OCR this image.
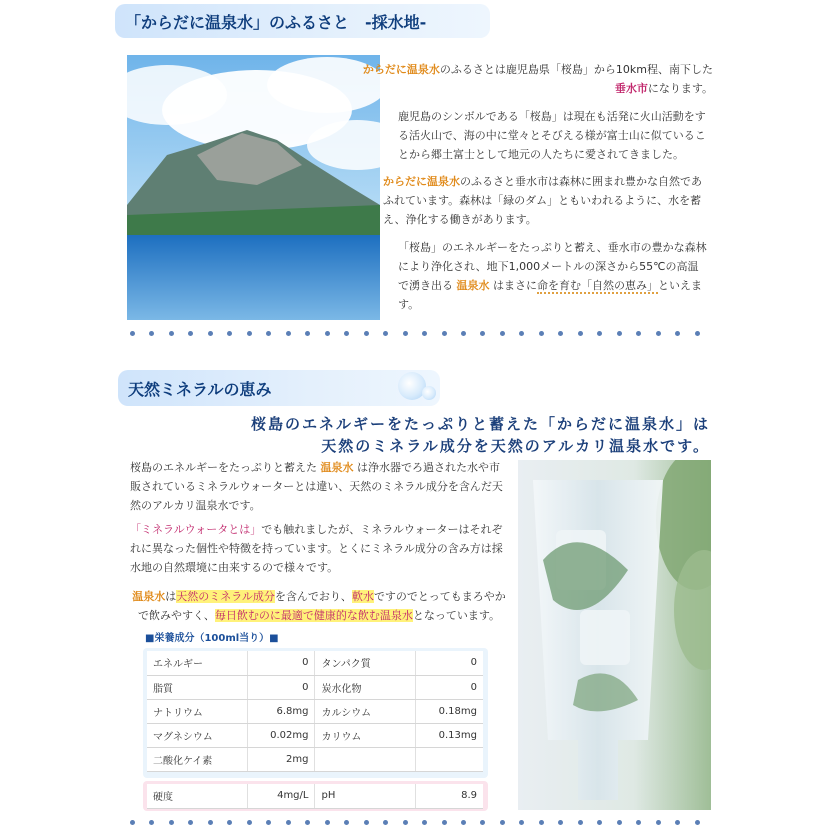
「からだに温泉水」のふるさと　-採水地-
からだに温泉水のふるさとは鹿児島県「桜島」から10km程、南下した
垂水市になります。
鹿児島のシンボルである「桜島」は現在も活発に火山活動をする活火山で、海の中に堂々とそびえる様が富士山に似ていることから郷土富士として地元の人たちに愛されてきました。
からだに温泉水のふるさと垂水市は森林に囲まれ豊かな自然であふれています。森林は「緑のダム」ともいわれるように、水を蓄え、浄化する働きがあります。
「桜島」のエネルギーをたっぷりと蓄え、垂水市の豊かな森林により浄化され、地下1,000メートルの深さから55℃の高温で湧き出る 温泉水 はまさに命を育む「自然の恵み」といえます。
天然ミネラルの恵み
桜島のエネルギーをたっぷりと蓄えた「からだに温泉水」は
天然のミネラル成分を天然のアルカリ温泉水です。
桜島のエネルギーをたっぷりと蓄えた 温泉水 は浄水器でろ過された水や市販されているミネラルウォーターとは違い、天然のミネラル成分を含んだ天然のアルカリ温泉水です。
「ミネラルウォータとは」でも触れましたが、ミネラルウォーターはそれぞれに異なった個性や特徴を持っています。とくにミネラル成分の含み方は採水地の自然環境に由来するので様々です。
温泉水は天然のミネラル成分を含んでおり、軟水ですのでとってもまろやかで飲みやすく、毎日飲むのに最適で健康的な飲む温泉水となっています。
■栄養成分（100ml当り）■
エネルギー	0	タンパク質	0
脂質	0	炭水化物	0
ナトリウム	6.8mg	カルシウム	0.18mg
マグネシウム	0.02mg	カリウム	0.13mg
二酸化ケイ素	2mg		
硬度	4mg/L	pH	8.9
